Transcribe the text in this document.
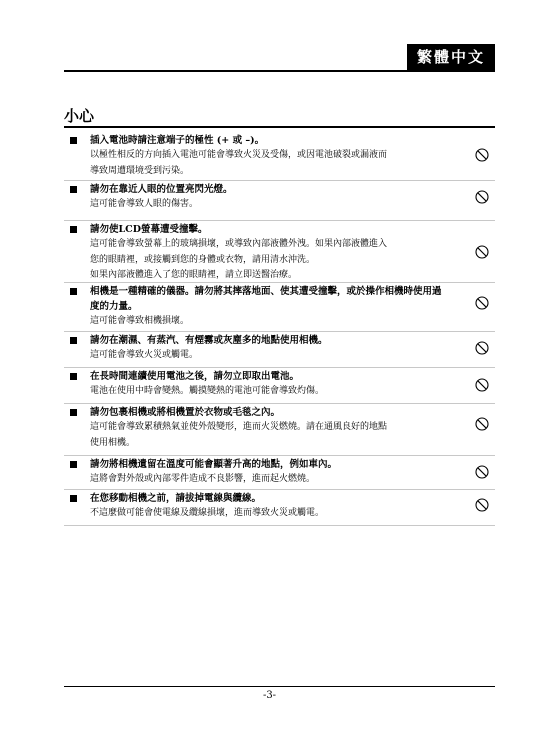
繁體中文
小心
插入電池時請注意端子的極性 (+ 或 –)。
以極性相反的方向插入電池可能會導致火災及受傷，或因電池破裂或漏液而
導致周遭環境受到污染。
請勿在靠近人眼的位置亮閃光燈。
這可能會導致人眼的傷害。
請勿使LCD螢幕遭受撞擊。
這可能會導致螢幕上的玻璃損壞，或導致內部液體外洩。如果內部液體進入
您的眼睛裡，或接觸到您的身體或衣物，請用清水沖洗。
如果內部液體進入了您的眼睛裡，請立即送醫治療。
相機是一種精確的儀器。請勿將其摔落地面、使其遭受撞擊，或於操作相機時使用過度的力量。
這可能會導致相機損壞。
請勿在潮濕、有蒸汽、有煙霧或灰塵多的地點使用相機。
這可能會導致火災或觸電。
在長時間連續使用電池之後，請勿立即取出電池。
電池在使用中時會變熱。觸摸變熱的電池可能會導致灼傷。
請勿包裹相機或將相機置於衣物或毛毯之內。
這可能會導致累積熱氣並使外殼變形，進而火災燃燒。請在通風良好的地點
使用相機。
請勿將相機遺留在溫度可能會顯著升高的地點，例如車內。
這將會對外殼或內部零件造成不良影響，進而起火燃燒。
在您移動相機之前，請拔掉電線與纜線。
不這麼做可能會使電線及纜線損壞，進而導致火災或觸電。
-3-
